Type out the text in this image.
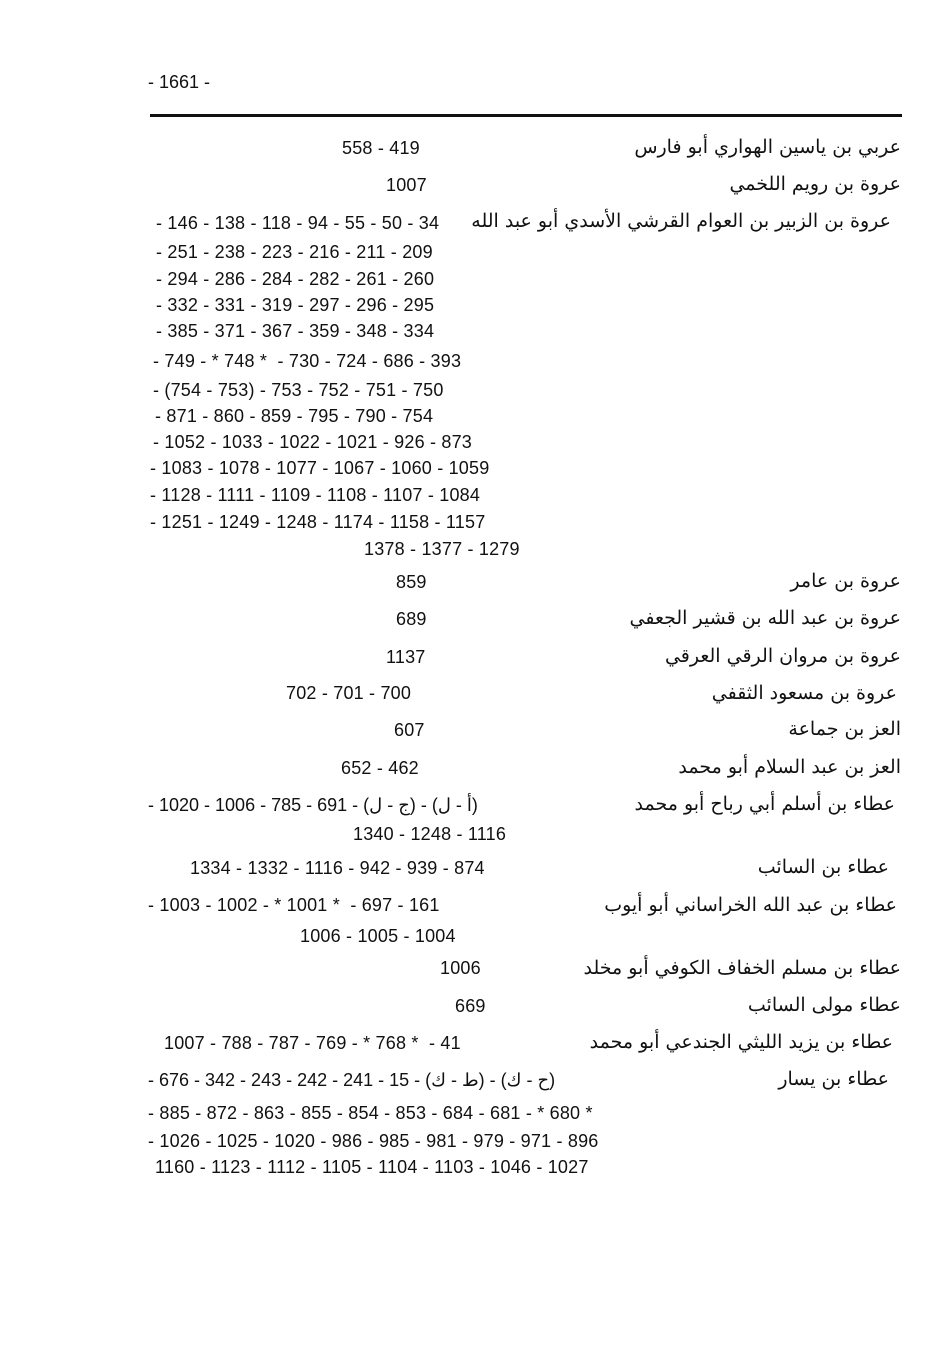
- 1661 -
عربي بن ياسين الهواري أبو فارس
558 - 419
عروة بن رويم اللخمي
1007
عروة بن الزبير بن العوام القرشي الأسدي أبو عبد الله
- 146 - 138 - 118 - 94 - 55 - 50 - 34
- 251 - 238 - 223 - 216 - 211 - 209
- 294 - 286 - 284 - 282 - 261 - 260
- 332 - 331 - 319 - 297 - 296 - 295
- 385 - 371 - 367 - 359 - 348 - 334
- 749 - * 748 *  - 730 - 724 - 686 - 393
- (754 - 753) - 753 - 752 - 751 - 750
- 871 - 860 - 859 - 795 - 790 - 754
- 1052 - 1033 - 1022 - 1021 - 926 - 873
- 1083 - 1078 - 1077 - 1067 - 1060 - 1059
- 1128 - 1111 - 1109 - 1108 - 1107 - 1084
- 1251 - 1249 - 1248 - 1174 - 1158 - 1157
1378 - 1377 - 1279
عروة بن عامر
859
عروة بن عبد الله بن قشير الجعفي
689
عروة بن مروان الرقي العرقي
1137
عروة بن مسعود الثقفي
702 - 701 - 700
العز بن جماعة
607
العز بن عبد السلام أبو محمد
652 - 462
عطاء بن أسلم أبي رباح أبو محمد
- 1020 - 1006 - 785 - 691 - (ج - ل) - (أ - ل)
1340 - 1248 - 1116
عطاء بن السائب
1334 - 1332 - 1116 - 942 - 939 - 874
عطاء بن عبد الله الخراساني أبو أيوب
- 1003 - 1002 - * 1001 *  - 697 - 161
1006 - 1005 - 1004
عطاء بن مسلم الخفاف الكوفي أبو مخلد
1006
عطاء مولى السائب
669
عطاء بن يزيد الليثي الجندعي أبو محمد
1007 - 788 - 787 - 769 - * 768 *  - 41
عطاء بن يسار
- 676 - 342 - 243 - 242 - 241 - 15 - (ط - ك) - (ح - ك)
- 885 - 872 - 863 - 855 - 854 - 853 - 684 - 681 - * 680 *
- 1026 - 1025 - 1020 - 986 - 985 - 981 - 979 - 971 - 896
1160 - 1123 - 1112 - 1105 - 1104 - 1103 - 1046 - 1027
